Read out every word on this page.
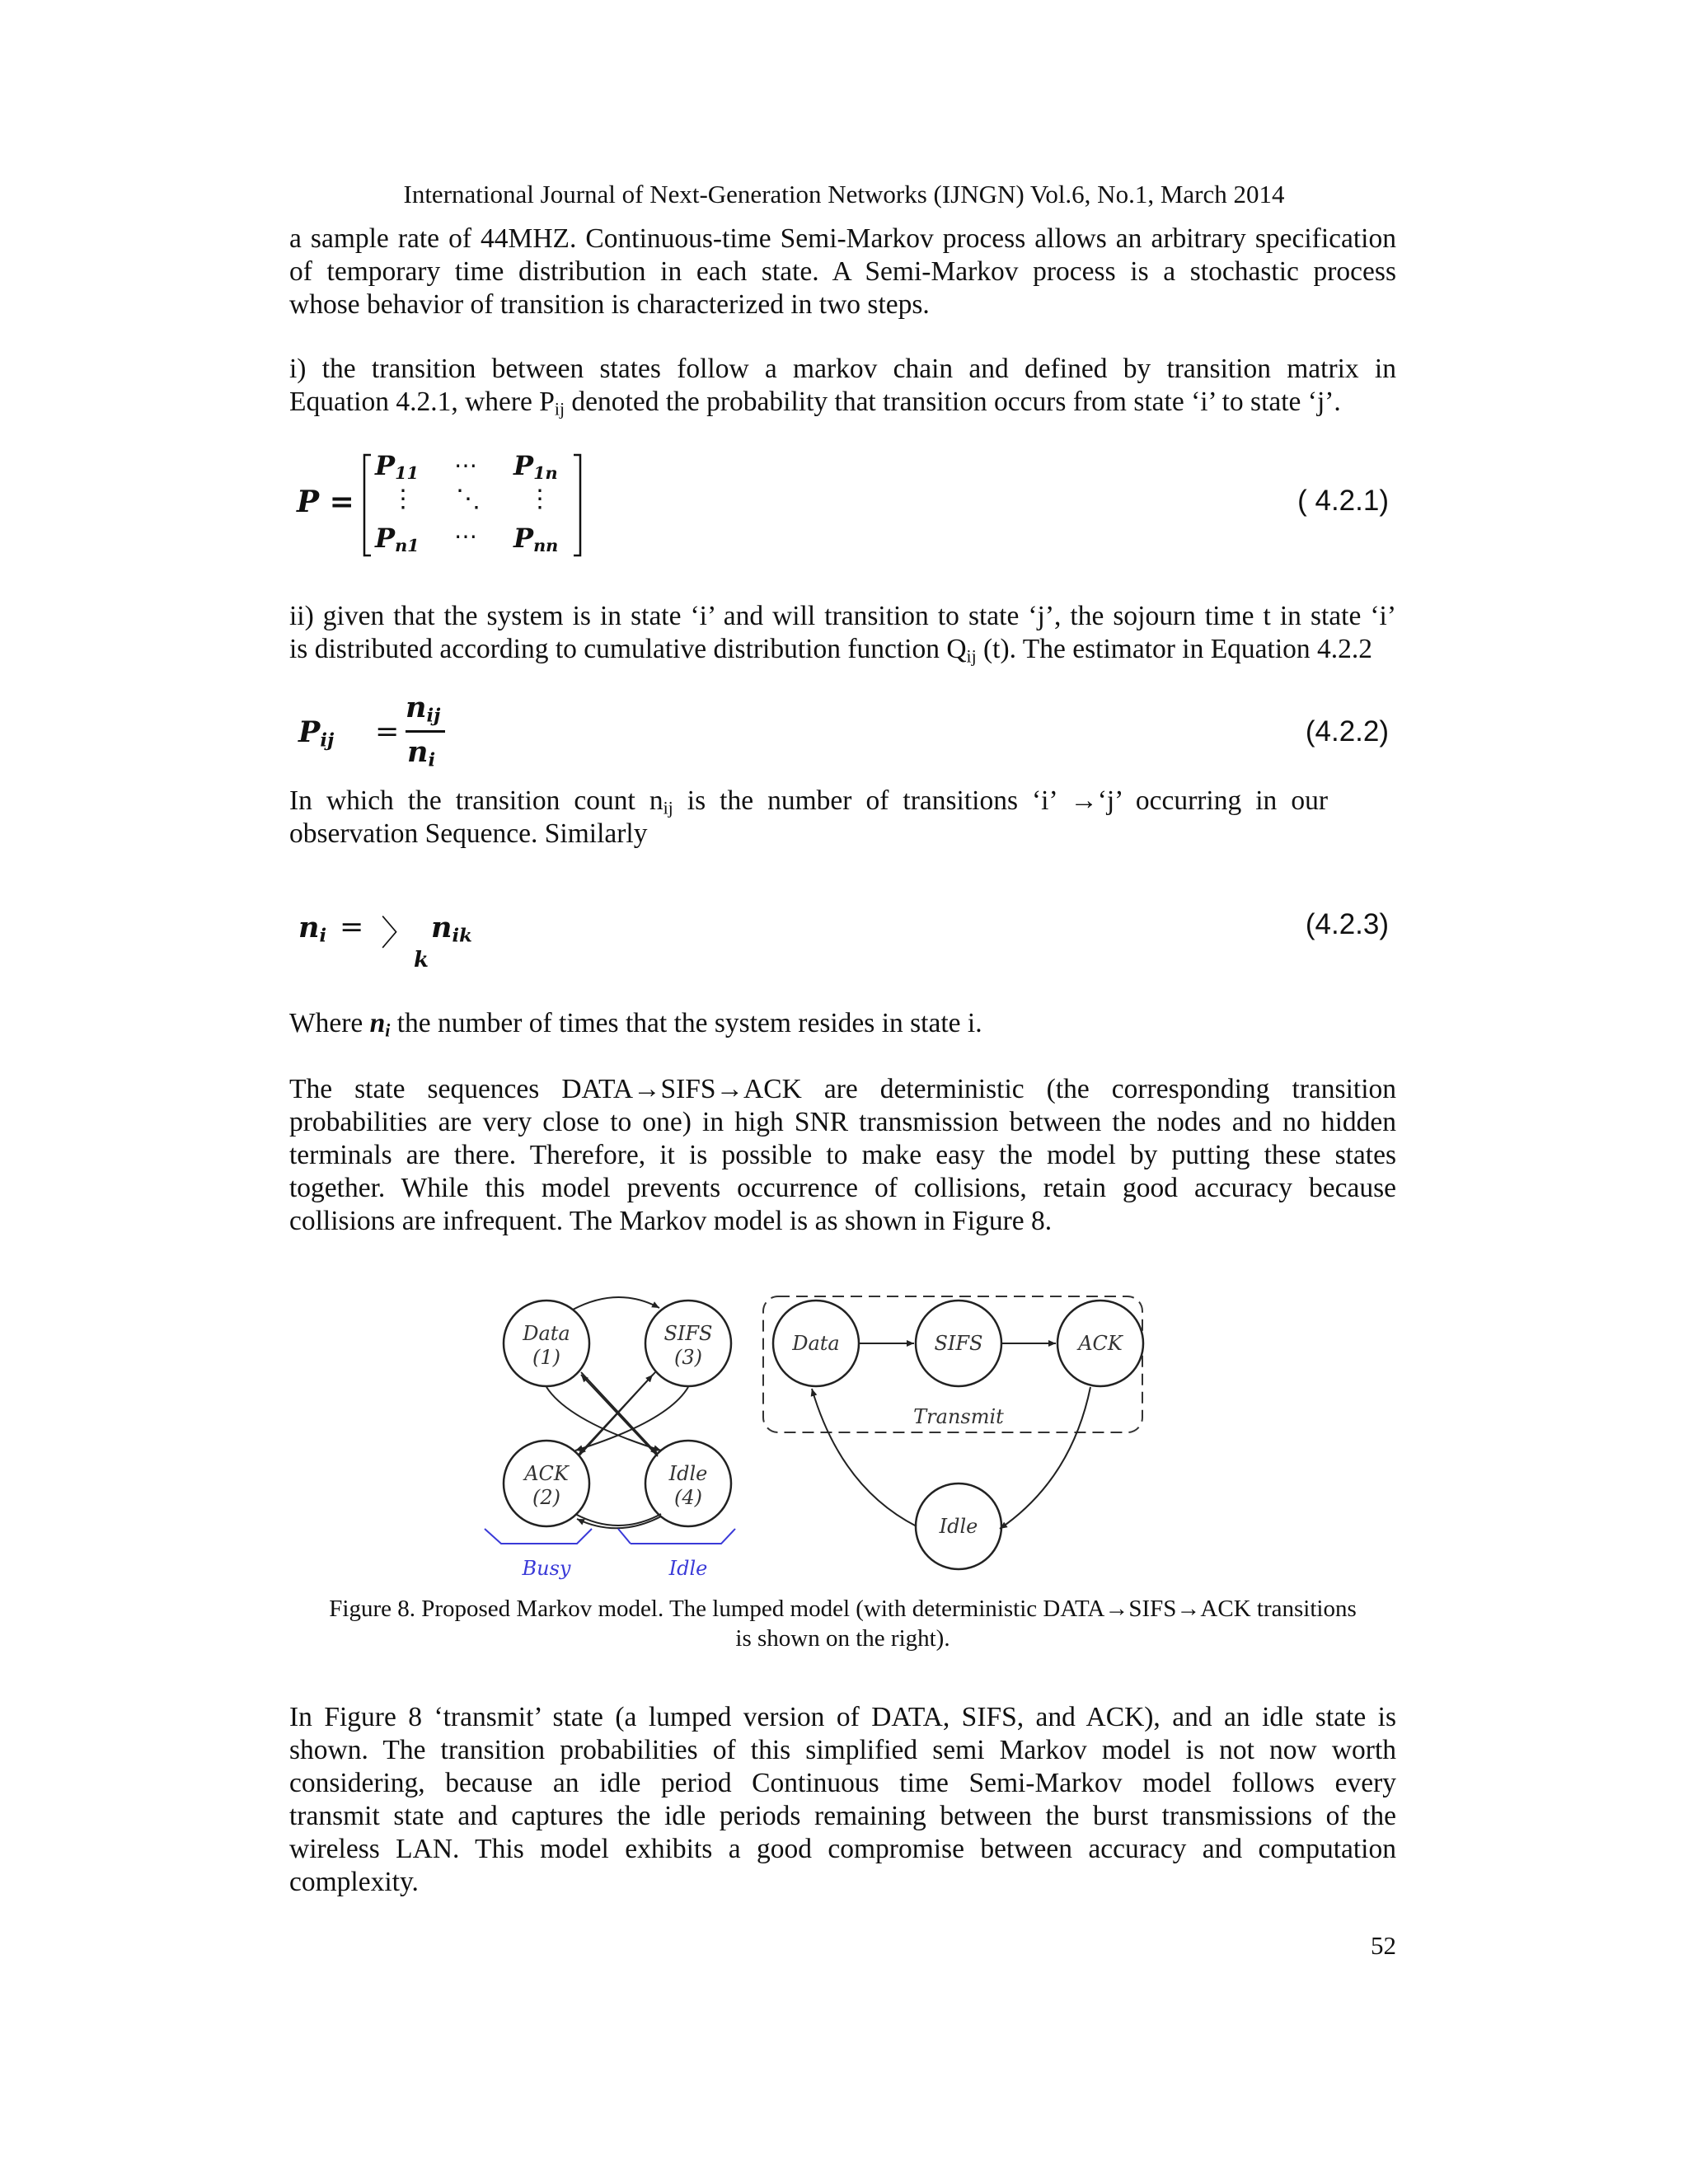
International Journal of Next-Generation Networks (IJNGN) Vol.6, No.1, March 2014
a sample rate of 44MHZ. Continuous-time Semi-Markov process allows an arbitrary specification
of temporary time distribution in each state. A Semi-Markov process is a stochastic process
whose behavior of transition is characterized in two steps.
i) the transition between states follow a markov chain and defined by transition matrix in
Equation 4.2.1, where $P_{ij}$ denoted the probability that transition occurs from state ‘i’ to state ‘j’.
P =
$P_{11}$ ⋯ $P_{1n}$
⋮ ⋱ ⋮
$P_{n1}$ ⋯ $P_{nn}$
( 4.2.1)
ii) given that the system is in state ‘i’ and will transition to state ‘j’, the sojourn time t in state ‘i’
is distributed according to cumulative distribution function $Q_{ij}$ (t). The estimator in Equation 4.2.2
$P_{ij}$ =
$n_{ij}$
$n_i$
(4.2.2)
In which the transition count $n_{ij}$ is the number of transitions ‘i’ →‘j’ occurring in our
observation Sequence. Similarly
$n_i$ = 〉
k
$n_{ik}$	(4.2.3)
Where $n_i$ the number of times that the system resides in state i.
The state sequences DATA→SIFS→ACK are deterministic (the corresponding transition
probabilities are very close to one) in high SNR transmission between the nodes and no hidden
terminals are there. Therefore, it is possible to make easy the model by putting these states
together. While this model prevents occurrence of collisions, retain good accuracy because
collisions are infrequent. The Markov model is as shown in Figure 8.
Data
(1)
SIFS
(3)
ACK
(2)
Idle
(4)
Busy	Idle
Data	SIFS	ACK
Transmit
Idle
Figure 8. Proposed Markov model. The lumped model (with deterministic DATA→SIFS→ACK transitions
is shown on the right).
In Figure 8 ‘transmit’ state (a lumped version of DATA, SIFS, and ACK), and an idle state is
shown. The transition probabilities of this simplified semi Markov model is not now worth
considering, because an idle period Continuous time Semi-Markov model follows every
transmit state and captures the idle periods remaining between the burst transmissions of the
wireless LAN. This model exhibits a good compromise between accuracy and computation
complexity.
52
